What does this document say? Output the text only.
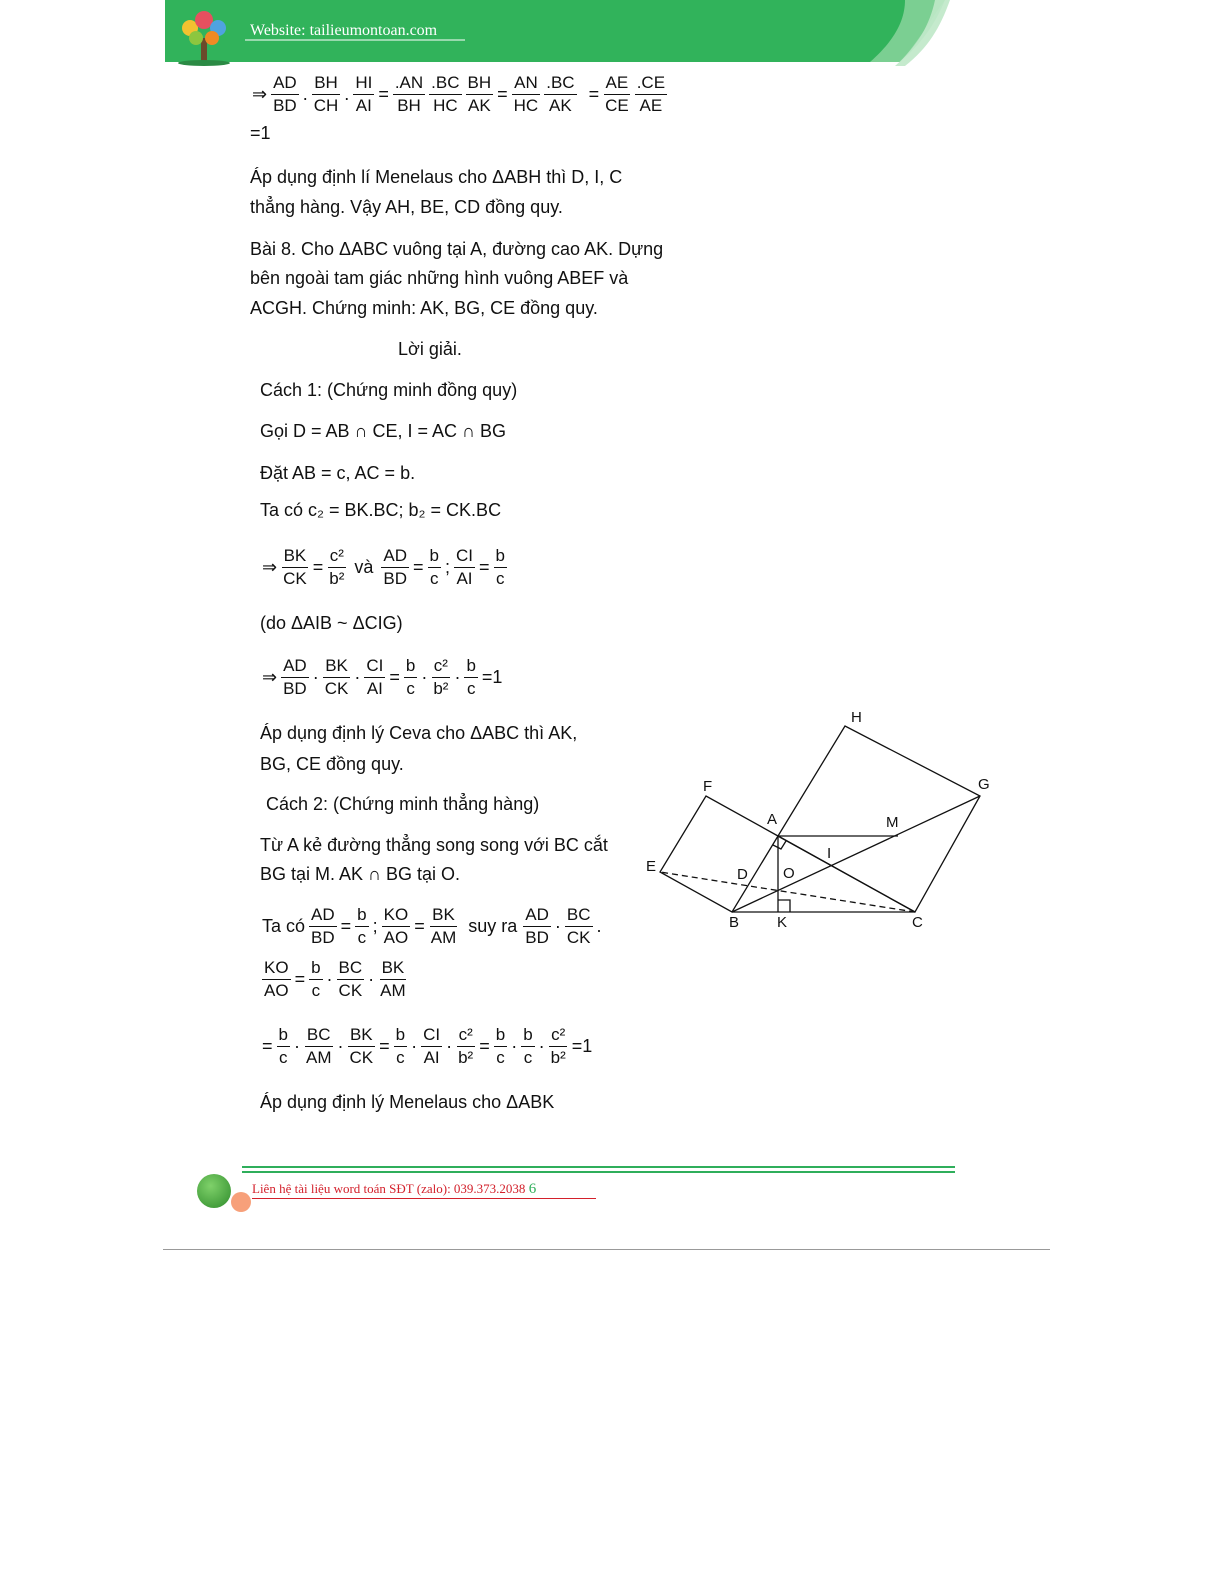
Website: tailieumontoan.com
⇒
AD
BD
.
BH
CH
. $\frac{HI}{AI} = \frac{.AN}{BH} .BC$
HC $\frac{BH}{AK} = \frac{AN}{HC} \frac{.BC}{AK} = \frac{AE}{CE} .CE$
AE
=1
Áp dụng định lí Menelaus cho ΔABH thì D, I, C
thẳng hàng. Vậy AH, BE, CD đồng quy.
Bài 8. Cho ΔABC vuông tại A, đường cao AK. Dựng
bên ngoài tam giác những hình vuông ABEF và
ACGH. Chứng minh: AK, BG, CE đồng quy.
Lời giải.
Cách 1: (Chứng minh đồng quy)
Gọi D = AB ∩ CE, I = AC ∩ BG
Đặt AB = c, AC = b.
Ta có c₂ = BK.BC; b₂ = CK.BC
⇒ $\frac{BK}{CK} = \frac{\text{c²}}{\text{b²}}$ và $\frac{AD}{BD} = \frac{b}{c}$ ; $\frac{CI}{AI} = \frac{b}{c}$
(do ΔAIB ~ ΔCIG)
⇒
AD
BD
·
BK
CK
· $\frac{CI}{AI} = \frac{b}{c}$ ·
c²
b²
· $\frac{b}{c} =1$
Áp dụng định lý Ceva cho ΔABC thì AK,
BG, CE đồng quy.
Cách 2: (Chứng minh thẳng hàng)
Từ A kẻ đường thẳng song song với BC cắt
BG tại M. AK ∩ BG tại O.
Ta có $\frac{AD}{BD} = \frac{b}{c}$ ; $\frac{KO}{AO} = \frac{BK}{AM}$ suy ra
AD
BD
·
BC
CK
.
$\frac{KO}{AO} = \frac{b}{c}$ ·
BC
CK
·
BK
AM
= $\frac{b}{c}$ ·
BC
AM
· $\frac{BK}{CK} = \frac{b}{c}$ ·
CI
AI
· $\frac{\text{c²}}{\text{b²}} = \frac{b}{c}$ ·
b
c
· $\frac{\text{c²}}{\text{b²}} =1$
Áp dụng định lý Menelaus cho ΔABK
H
G
F
A	M
E	D O
I
B	K	C
Liên hệ tài liệu word toán SĐT (zalo): 039.373.2038 6
